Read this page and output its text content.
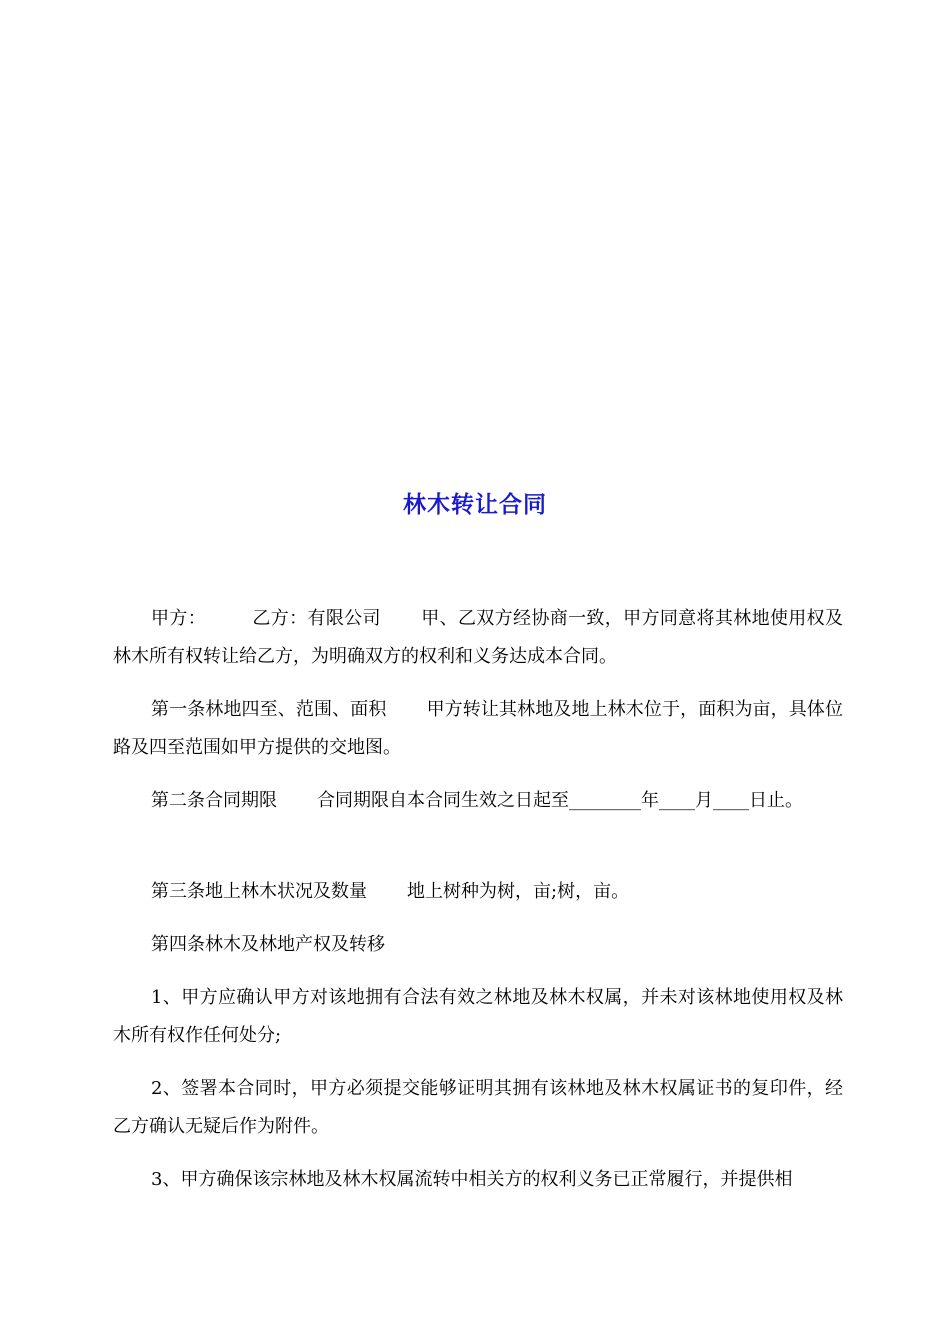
林木转让合同

甲方：	乙方：有限公司 甲、乙双方经协商一致，甲方同意将其林地使用权及林木所有权转让给乙方，为明确双方的权利和义务达成本合同。

第一条林地四至、范围、面积 甲方转让其林地及地上林木位于，面积为亩，具体位路及四至范围如甲方提供的交地图。

第二条合同期限 合同期限自本合同生效之日起至________年____月____日止。

第三条地上林木状况及数量 地上树种为树，亩;树，亩。

第四条林木及林地产权及转移

1、甲方应确认甲方对该地拥有合法有效之林地及林木权属，并未对该林地使用权及林木所有权作任何处分;

2、签署本合同时，甲方必须提交能够证明其拥有该林地及林木权属证书的复印件，经乙方确认无疑后作为附件。

3、甲方确保该宗林地及林木权属流转中相关方的权利义务已正常履行，并提供相
